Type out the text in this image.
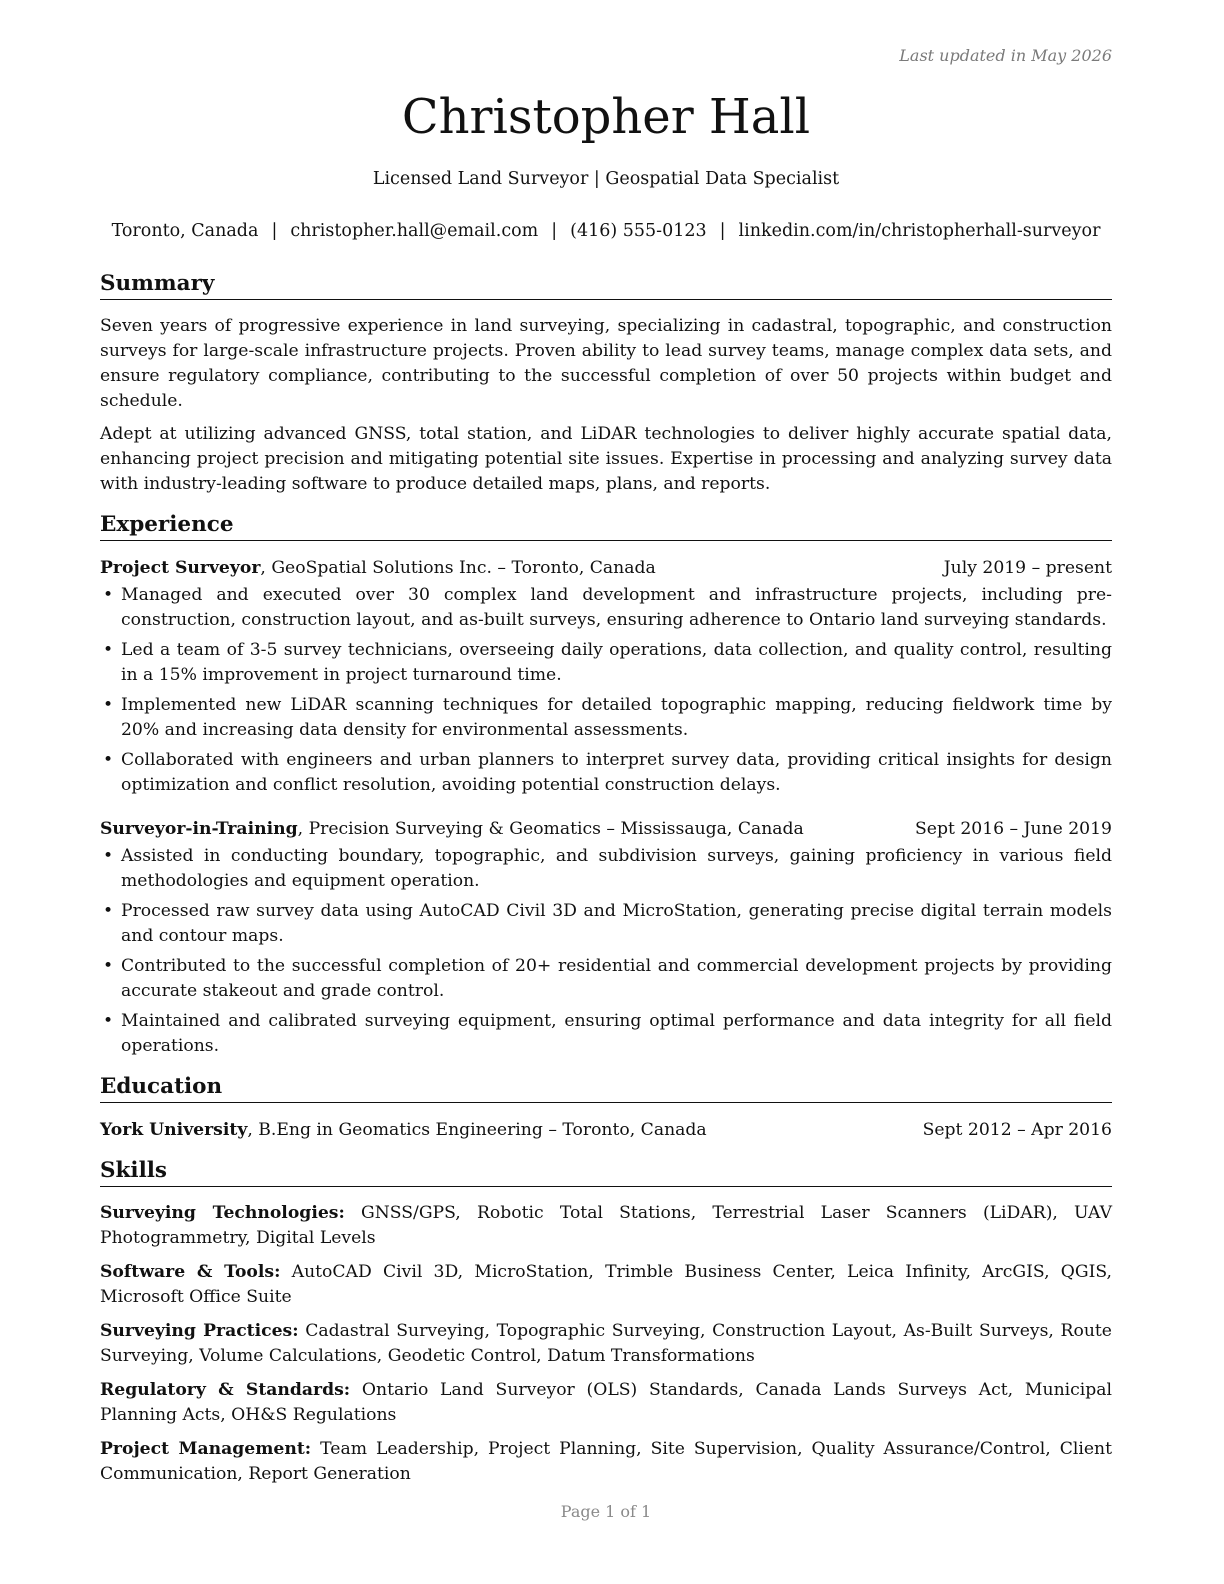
Last updated in May 2026
Christopher Hall
Licensed Land Surveyor | Geospatial Data Specialist
Toronto, Canada | christopher.hall@email.com | (416) 555-0123 | linkedin.com/in/christopherhall-surveyor
Summary

Seven years of progressive experience in land surveying, specializing in cadastral, topographic, and construction surveys for large-scale infrastructure projects. Proven ability to lead survey teams, manage complex data sets, and ensure regulatory compliance, contributing to the successful completion of over 50 projects within budget and schedule.

Adept at utilizing advanced GNSS, total station, and LiDAR technologies to deliver highly accurate spatial data, enhancing project precision and mitigating potential site issues. Expertise in processing and analyzing survey data with industry-leading software to produce detailed maps, plans, and reports.

Experience
Project Surveyor, GeoSpatial Solutions Inc. – Toronto, Canada	July 2019 – present
• Managed and executed over 30 complex land development and infrastructure projects, including pre-construction, construction layout, and as-built surveys, ensuring adherence to Ontario land surveying standards.
• Led a team of 3-5 survey technicians, overseeing daily operations, data collection, and quality control, resulting in a 15% improvement in project turnaround time.
• Implemented new LiDAR scanning techniques for detailed topographic mapping, reducing fieldwork time by 20% and increasing data density for environmental assessments.
• Collaborated with engineers and urban planners to interpret survey data, providing critical insights for design optimization and conflict resolution, avoiding potential construction delays.
Surveyor-in-Training, Precision Surveying & Geomatics – Mississauga, Canada	Sept 2016 – June 2019
• Assisted in conducting boundary, topographic, and subdivision surveys, gaining proficiency in various field methodologies and equipment operation.
• Processed raw survey data using AutoCAD Civil 3D and MicroStation, generating precise digital terrain models and contour maps.
• Contributed to the successful completion of 20+ residential and commercial development projects by providing accurate stakeout and grade control.
• Maintained and calibrated surveying equipment, ensuring optimal performance and data integrity for all field operations.
Education
York University, B.Eng in Geomatics Engineering – Toronto, Canada	Sept 2012 – Apr 2016
Skills

Surveying Technologies: GNSS/GPS, Robotic Total Stations, Terrestrial Laser Scanners (LiDAR), UAV Photogrammetry, Digital Levels

Software & Tools: AutoCAD Civil 3D, MicroStation, Trimble Business Center, Leica Infinity, ArcGIS, QGIS, Microsoft Office Suite

Surveying Practices: Cadastral Surveying, Topographic Surveying, Construction Layout, As-Built Surveys, Route Surveying, Volume Calculations, Geodetic Control, Datum Transformations

Regulatory & Standards: Ontario Land Surveyor (OLS) Standards, Canada Lands Surveys Act, Municipal Planning Acts, OH&S Regulations

Project Management: Team Leadership, Project Planning, Site Supervision, Quality Assurance/Control, Client Communication, Report Generation

Page 1 of 1
